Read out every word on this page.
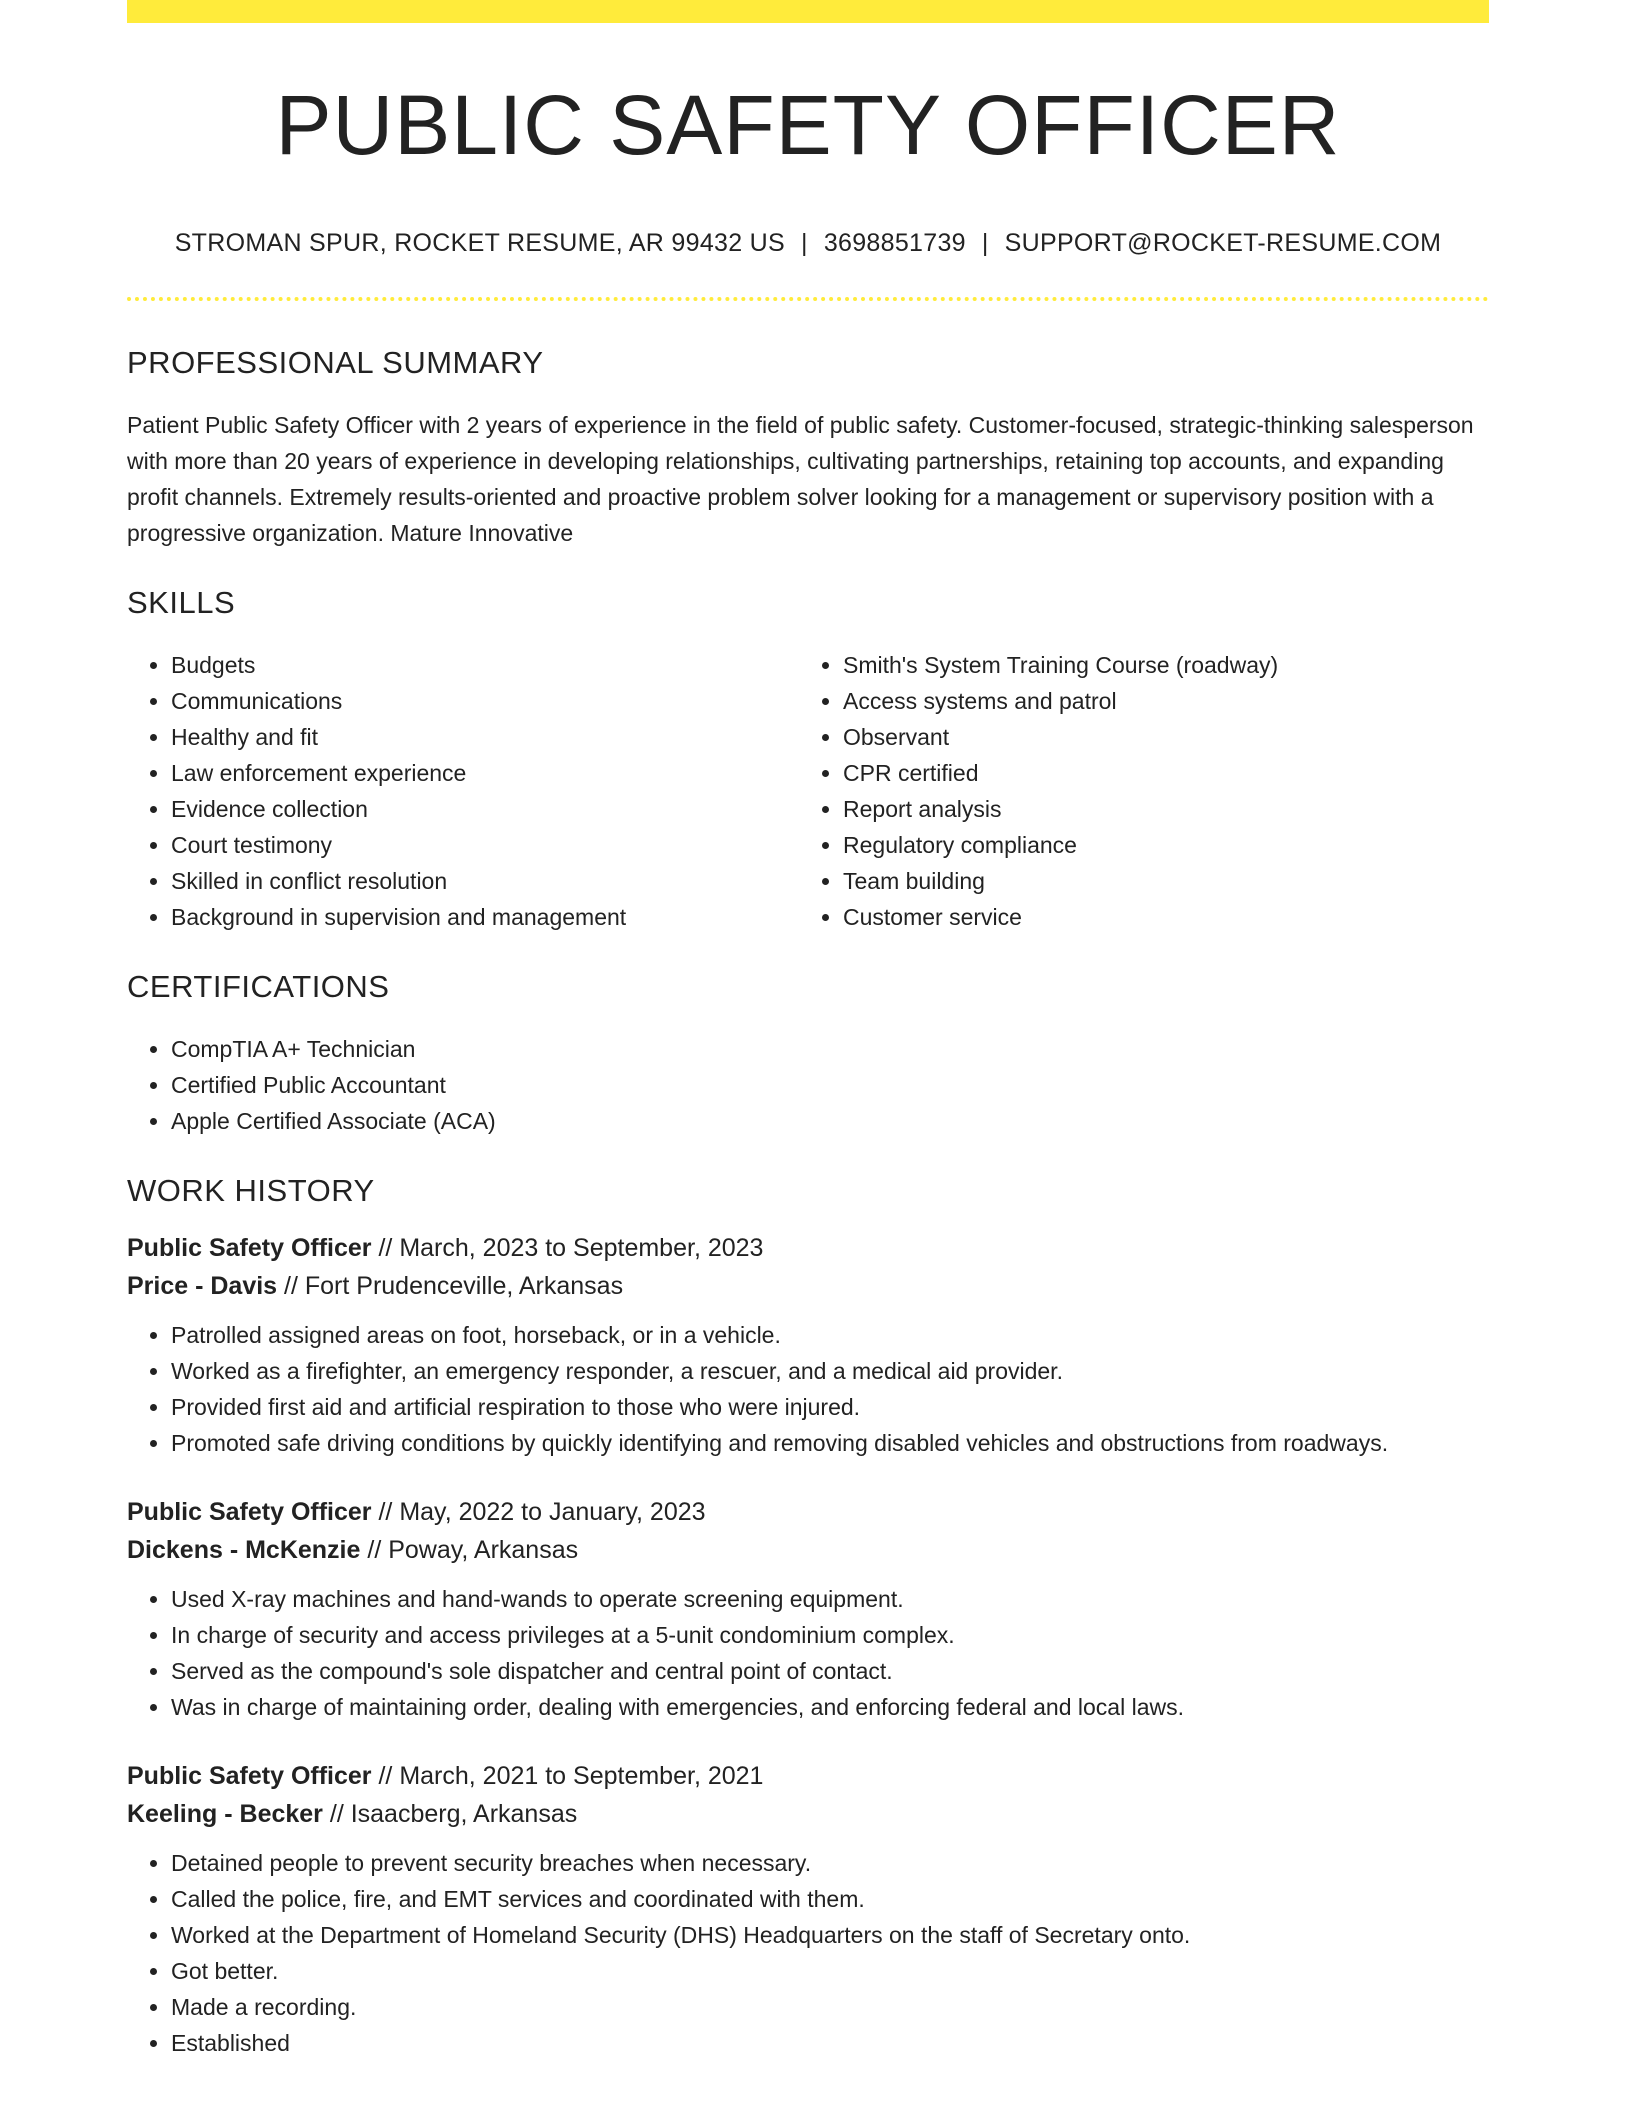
PUBLIC SAFETY OFFICER
STROMAN SPUR, ROCKET RESUME, AR 99432 US | 3698851739 | SUPPORT@ROCKET-RESUME.COM
PROFESSIONAL SUMMARY
Patient Public Safety Officer with 2 years of experience in the field of public safety. Customer-focused, strategic-thinking salesperson with more than 20 years of experience in developing relationships, cultivating partnerships, retaining top accounts, and expanding profit channels. Extremely results-oriented and proactive problem solver looking for a management or supervisory position with a progressive organization. Mature Innovative
SKILLS
• Budgets
• Communications
• Healthy and fit
• Law enforcement experience
• Evidence collection
• Court testimony
• Skilled in conflict resolution
• Background in supervision and management
• Smith's System Training Course (roadway)
• Access systems and patrol
• Observant
• CPR certified
• Report analysis
• Regulatory compliance
• Team building
• Customer service
CERTIFICATIONS
• CompTIA A+ Technician
• Certified Public Accountant
• Apple Certified Associate (ACA)
WORK HISTORY
Public Safety Officer // March, 2023 to September, 2023
Price - Davis // Fort Prudenceville, Arkansas
• Patrolled assigned areas on foot, horseback, or in a vehicle.
• Worked as a firefighter, an emergency responder, a rescuer, and a medical aid provider.
• Provided first aid and artificial respiration to those who were injured.
• Promoted safe driving conditions by quickly identifying and removing disabled vehicles and obstructions from roadways.
Public Safety Officer // May, 2022 to January, 2023
Dickens - McKenzie // Poway, Arkansas
• Used X-ray machines and hand-wands to operate screening equipment.
• In charge of security and access privileges at a 5-unit condominium complex.
• Served as the compound's sole dispatcher and central point of contact.
• Was in charge of maintaining order, dealing with emergencies, and enforcing federal and local laws.
Public Safety Officer // March, 2021 to September, 2021
Keeling - Becker // Isaacberg, Arkansas
• Detained people to prevent security breaches when necessary.
• Called the police, fire, and EMT services and coordinated with them.
• Worked at the Department of Homeland Security (DHS) Headquarters on the staff of Secretary onto.
• Got better.
• Made a recording.
• Established
